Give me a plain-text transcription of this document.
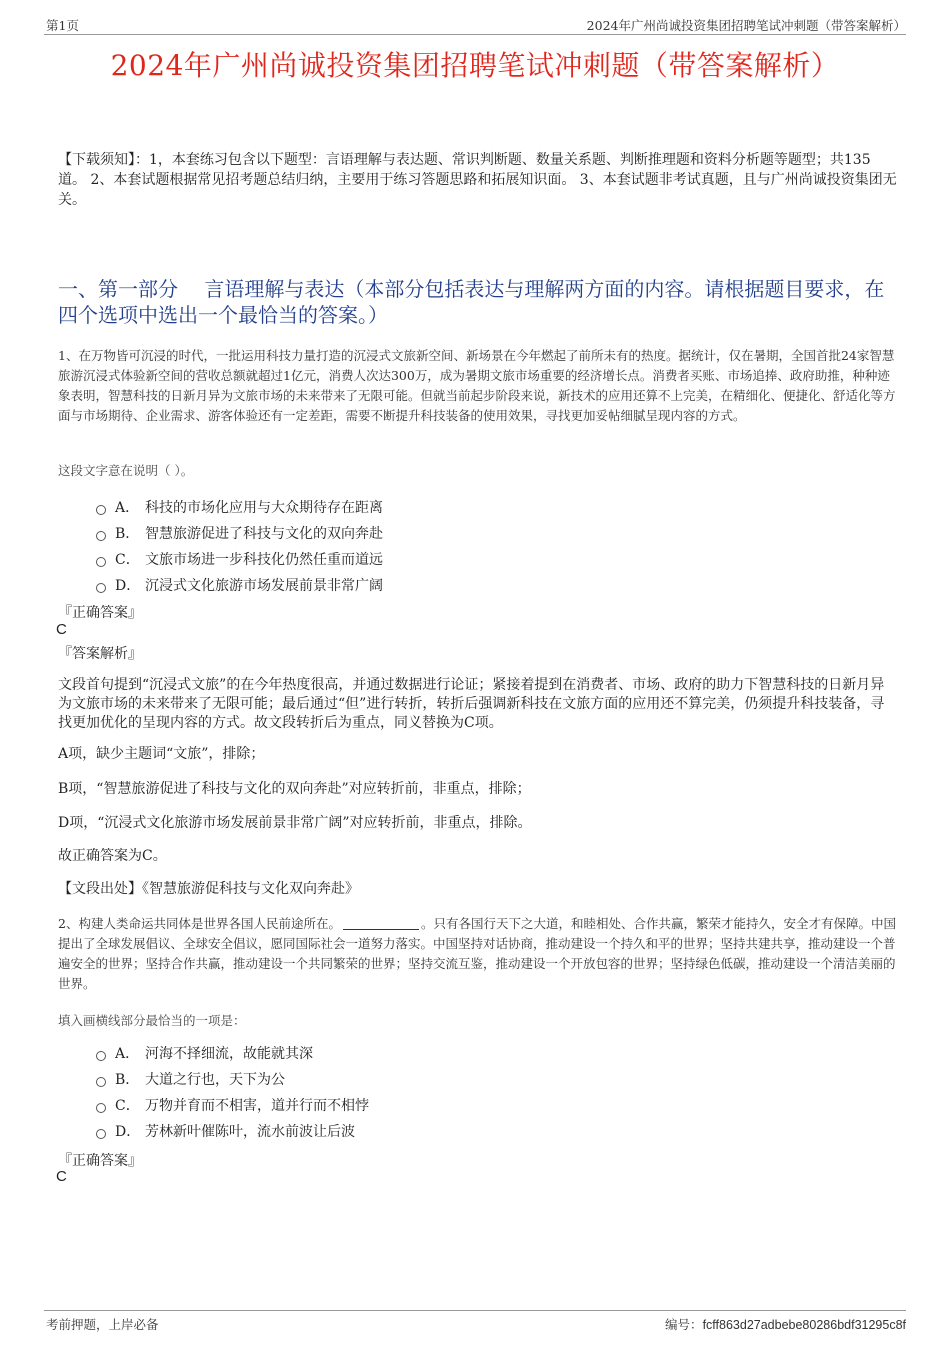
第1页	2024年广州尚诚投资集团招聘笔试冲刺题（带答案解析）
2024年广州尚诚投资集团招聘笔试冲刺题（带答案解析）
【下载须知】：1，本套练习包含以下题型：言语理解与表达题、常识判断题、数量关系题、判断推理题和资料分析题等题型；共135道。 2、本套试题根据常见招考题总结归纳，主要用于练习答题思路和拓展知识面。 3、本套试题非考试真题，且与广州尚诚投资集团无关。
一、第一部分　 言语理解与表达（本部分包括表达与理解两方面的内容。请根据题目要求，在四个选项中选出一个最恰当的答案。）
1、在万物皆可沉浸的时代，一批运用科技力量打造的沉浸式文旅新空间、新场景在今年燃起了前所未有的热度。据统计，仅在暑期，全国首批24家智慧旅游沉浸式体验新空间的营收总额就超过1亿元，消费人次达300万，成为暑期文旅市场重要的经济增长点。消费者买账、市场追捧、政府助推，种种迹象表明，智慧科技的日新月异为文旅市场的未来带来了无限可能。但就当前起步阶段来说，新技术的应用还算不上完美，在精细化、便捷化、舒适化等方面与市场期待、企业需求、游客体验还有一定差距，需要不断提升科技装备的使用效果，寻找更加妥帖细腻呈现内容的方式。
这段文字意在说明（ ）。
A． 科技的市场化应用与大众期待存在距离
B． 智慧旅游促进了科技与文化的双向奔赴
C． 文旅市场进一步科技化仍然任重而道远
D． 沉浸式文化旅游市场发展前景非常广阔
『正确答案』
C
『答案解析』
文段首句提到“沉浸式文旅”的在今年热度很高，并通过数据进行论证；紧接着提到在消费者、市场、政府的助力下智慧科技的日新月异为文旅市场的未来带来了无限可能；最后通过“但”进行转折，转折后强调新科技在文旅方面的应用还不算完美，仍须提升科技装备，寻找更加优化的呈现内容的方式。故文段转折后为重点，同义替换为C项。
A项，缺少主题词“文旅”，排除；
B项，“智慧旅游促进了科技与文化的双向奔赴”对应转折前，非重点，排除；
D项，“沉浸式文化旅游市场发展前景非常广阔”对应转折前，非重点，排除。
故正确答案为C。
【文段出处】《智慧旅游促科技与文化双向奔赴》
2、构建人类命运共同体是世界各国人民前途所在。	。只有各国行天下之大道，和睦相处、合作共赢，繁荣才能持久，安全才有保障。中国提出了全球发展倡议、全球安全倡议，愿同国际社会一道努力落实。中国坚持对话协商，推动建设一个持久和平的世界；坚持共建共享，推动建设一个普遍安全的世界；坚持合作共赢，推动建设一个共同繁荣的世界；坚持交流互鉴，推动建设一个开放包容的世界；坚持绿色低碳，推动建设一个清洁美丽的世界。
填入画横线部分最恰当的一项是：
A． 河海不择细流，故能就其深
B． 大道之行也，天下为公
C． 万物并育而不相害，道并行而不相悖
D． 芳林新叶催陈叶，流水前波让后波
『正确答案』
C
考前押题，上岸必备	编号：fcff863d27adbebe80286bdf31295c8f
